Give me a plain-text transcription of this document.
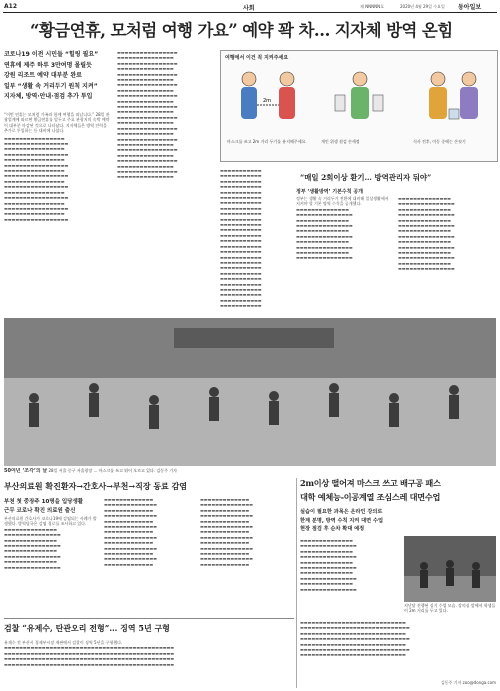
A12	사회	제 NNNNN호	2020년 4월 29일 수요일 동아일보
“황금연휴, 모처럼 여행 가요” 예약 꽉 차… 지자체 방역 온힘
코로나19 이전 시민들 “힐링 필요”
연휴에 제주 하루 3만여명 몰릴듯
강원 리조트 예약 대부분 완료
일부 “생활 속 거리두기 원칙 지켜”
지자체, 방역·안내·점검 추가 투입
“이번 연휴는 모처럼 가족과 함께 여행을 떠납니다.” 28일 관광업계에 따르면 황금연휴를 앞두고 주요 관광지의 숙박 예약이 대부분 마감된 것으로 나타났다. 지자체들은 방역 인력을 추가로 투입하는 등 대비에 나섰다.
▬▬▬▬▬▬▬▬▬▬▬▬▬▬▬▬ ▬▬▬▬▬▬▬▬▬▬▬▬▬▬▬▬▬ ▬▬▬▬▬▬▬▬▬▬▬▬▬▬▬▬ ▬▬▬▬▬▬▬▬▬▬▬▬▬▬▬▬▬ ▬▬▬▬▬▬▬▬▬▬▬▬▬▬▬▬ ▬▬▬▬▬▬▬▬▬▬▬▬▬▬▬▬▬ ▬▬▬▬▬▬▬▬▬▬▬▬▬▬▬▬ ▬▬▬▬▬▬▬▬▬▬▬▬▬▬▬▬▬ ▬▬▬▬▬▬▬▬▬▬▬▬▬▬▬▬ ▬▬▬▬▬▬▬▬▬▬▬▬▬▬▬▬▬ ▬▬▬▬▬▬▬▬▬▬▬▬▬▬▬▬ ▬▬▬▬▬▬▬▬▬▬▬▬▬▬▬▬▬ ▬▬▬▬▬▬▬▬▬▬▬▬▬▬▬▬ ▬▬▬▬▬▬▬▬▬▬▬▬▬▬▬▬▬ ▬▬▬▬▬▬▬▬▬▬▬▬▬▬▬▬ ▬▬▬▬▬▬▬▬▬▬▬▬▬▬▬▬▬
▬▬▬▬▬▬▬▬▬▬▬▬▬▬▬▬ ▬▬▬▬▬▬▬▬▬▬▬▬▬▬▬ ▬▬▬▬▬▬▬▬▬▬▬▬▬▬▬▬ ▬▬▬▬▬▬▬▬▬▬▬▬▬▬▬ ▬▬▬▬▬▬▬▬▬▬▬▬▬▬▬▬ ▬▬▬▬▬▬▬▬▬▬▬▬▬▬▬ ▬▬▬▬▬▬▬▬▬▬▬▬▬▬▬▬ ▬▬▬▬▬▬▬▬▬▬▬▬▬▬▬ ▬▬▬▬▬▬▬▬▬▬▬▬▬▬▬▬ ▬▬▬▬▬▬▬▬▬▬▬▬▬▬▬ ▬▬▬▬▬▬▬▬▬▬▬▬▬▬▬▬ ▬▬▬▬▬▬▬▬▬▬▬▬▬▬▬ ▬▬▬▬▬▬▬▬▬▬▬▬▬▬▬▬ ▬▬▬▬▬▬▬▬▬▬▬▬▬▬▬ ▬▬▬▬▬▬▬▬▬▬▬▬▬▬▬▬ ▬▬▬▬▬▬▬▬▬▬▬▬▬▬▬ ▬▬▬▬▬▬▬▬▬▬▬▬▬▬▬▬ ▬▬▬▬▬▬▬▬▬▬▬▬▬▬▬ ▬▬▬▬▬▬▬▬▬▬▬▬▬▬▬▬ ▬▬▬▬▬▬▬▬▬▬▬▬▬▬▬ ▬▬▬▬▬▬▬▬▬▬▬▬▬▬▬▬ ▬▬▬▬▬▬▬▬▬▬▬▬▬▬▬ ▬▬▬▬▬▬▬▬▬▬▬▬▬▬▬▬ ▬▬▬▬▬▬▬▬▬▬▬▬▬▬▬
여행에서 이건 꼭 지켜주세요
2m
마스크를 쓰고 2m 거리 두기를 유지해주세요	개인 위생 점검 손세정	식사 전후, 이동 중에는 손씻기
“매일 2회이상 환기… 방역관리자 둬야”
정부 ‘생활방역’ 기본수칙 공개
정부는 생활 속 거리두기 전환에 대비해 일상생활에서 지켜야 할 기본 방역 수칙을 공개했다.
▬▬▬▬▬▬▬▬▬▬▬▬▬▬ ▬▬▬▬▬▬▬▬▬▬▬▬▬▬▬ ▬▬▬▬▬▬▬▬▬▬▬▬▬▬ ▬▬▬▬▬▬▬▬▬▬▬▬▬▬▬ ▬▬▬▬▬▬▬▬▬▬▬▬▬▬ ▬▬▬▬▬▬▬▬▬▬▬▬▬▬▬ ▬▬▬▬▬▬▬▬▬▬▬▬▬▬ ▬▬▬▬▬▬▬▬▬▬▬▬▬▬▬ ▬▬▬▬▬▬▬▬▬▬▬▬▬▬ ▬▬▬▬▬▬▬▬▬▬▬▬▬▬▬
▬▬▬▬▬▬▬▬▬▬▬▬▬▬ ▬▬▬▬▬▬▬▬▬▬▬▬▬▬▬ ▬▬▬▬▬▬▬▬▬▬▬▬▬▬ ▬▬▬▬▬▬▬▬▬▬▬▬▬▬▬ ▬▬▬▬▬▬▬▬▬▬▬▬▬▬ ▬▬▬▬▬▬▬▬▬▬▬▬▬▬▬ ▬▬▬▬▬▬▬▬▬▬▬▬▬▬ ▬▬▬▬▬▬▬▬▬▬▬▬▬▬▬ ▬▬▬▬▬▬▬▬▬▬▬▬▬▬ ▬▬▬▬▬▬▬▬▬▬▬▬▬▬▬ ▬▬▬▬▬▬▬▬▬▬▬▬▬▬ ▬▬▬▬▬▬▬▬▬▬▬▬▬▬▬ ▬▬▬▬▬▬▬▬▬▬▬▬▬▬ ▬▬▬▬▬▬▬▬▬▬▬▬▬▬▬
▬▬▬▬▬▬▬▬▬▬▬ ▬▬▬▬▬▬▬▬▬▬▬ ▬▬▬▬▬▬▬▬▬▬▬ ▬▬▬▬▬▬▬▬▬▬▬ ▬▬▬▬▬▬▬▬▬▬▬ ▬▬▬▬▬▬▬▬▬▬▬ ▬▬▬▬▬▬▬▬▬▬▬ ▬▬▬▬▬▬▬▬▬▬▬ ▬▬▬▬▬▬▬▬▬▬▬ ▬▬▬▬▬▬▬▬▬▬▬ ▬▬▬▬▬▬▬▬▬▬▬ ▬▬▬▬▬▬▬▬▬▬▬ ▬▬▬▬▬▬▬▬▬▬▬ ▬▬▬▬▬▬▬▬▬▬▬ ▬▬▬▬▬▬▬▬▬▬▬ ▬▬▬▬▬▬▬▬▬▬▬ ▬▬▬▬▬▬▬▬▬▬▬ ▬▬▬▬▬▬▬▬▬▬▬ ▬▬▬▬▬▬▬▬▬▬▬ ▬▬▬▬▬▬▬▬▬▬▬ ▬▬▬▬▬▬▬▬▬▬▬ ▬▬▬▬▬▬▬▬▬▬▬ ▬▬▬▬▬▬▬▬▬▬▬ ▬▬▬▬▬▬▬▬▬▬▬ ▬▬▬▬▬▬▬▬▬▬▬ ▬▬▬▬▬▬▬▬▬▬▬
50여년 ‘조각’의 날 28일 서울 중구 서울광장 ... 마스크를 쓰고 뛰어 오르고 있다. 김동주 기자
부산의료원 확진환자→간호사→부천→직장 동료 감염
부천 첫 중장주 10명을 입당생활
근무 코로나 확진 의료원 출신
부산의료원 간호사가 코로나19에 감염되는 사례가 발생했다. 방역당국은 감염 경로를 조사하고 있다.
▬▬▬▬▬▬▬▬▬▬▬▬▬▬ ▬▬▬▬▬▬▬▬▬▬▬▬▬▬▬ ▬▬▬▬▬▬▬▬▬▬▬▬▬▬ ▬▬▬▬▬▬▬▬▬▬▬▬▬▬▬ ▬▬▬▬▬▬▬▬▬▬▬▬▬▬ ▬▬▬▬▬▬▬▬▬▬▬▬▬▬▬ ▬▬▬▬▬▬▬▬▬▬▬▬▬▬ ▬▬▬▬▬▬▬▬▬▬▬▬▬▬▬
▬▬▬▬▬▬▬▬▬▬▬▬▬ ▬▬▬▬▬▬▬▬▬▬▬▬▬▬ ▬▬▬▬▬▬▬▬▬▬▬▬▬ ▬▬▬▬▬▬▬▬▬▬▬▬▬▬ ▬▬▬▬▬▬▬▬▬▬▬▬▬ ▬▬▬▬▬▬▬▬▬▬▬▬▬▬ ▬▬▬▬▬▬▬▬▬▬▬▬▬ ▬▬▬▬▬▬▬▬▬▬▬▬▬▬ ▬▬▬▬▬▬▬▬▬▬▬▬▬ ▬▬▬▬▬▬▬▬▬▬▬▬▬▬ ▬▬▬▬▬▬▬▬▬▬▬▬▬ ▬▬▬▬▬▬▬▬▬▬▬▬▬▬ ▬▬▬▬▬▬▬▬▬▬▬▬▬
▬▬▬▬▬▬▬▬▬▬▬▬▬ ▬▬▬▬▬▬▬▬▬▬▬▬▬▬ ▬▬▬▬▬▬▬▬▬▬▬▬▬ ▬▬▬▬▬▬▬▬▬▬▬▬▬▬ ▬▬▬▬▬▬▬▬▬▬▬▬▬ ▬▬▬▬▬▬▬▬▬▬▬▬▬▬ ▬▬▬▬▬▬▬▬▬▬▬▬▬ ▬▬▬▬▬▬▬▬▬▬▬▬▬▬ ▬▬▬▬▬▬▬▬▬▬▬▬▬ ▬▬▬▬▬▬▬▬▬▬▬▬▬▬ ▬▬▬▬▬▬▬▬▬▬▬▬▬ ▬▬▬▬▬▬▬▬▬▬▬▬▬▬ ▬▬▬▬▬▬▬▬▬▬▬▬▬
검찰 “유제수, 탄관오리 전형”… 징역 5년 구형
유재수 전 부산시 경제부시장 재판에서 검찰이 징역 5년을 구형했다.
▬▬▬▬▬▬▬▬▬▬▬▬▬▬▬▬▬▬▬▬▬▬▬▬▬▬▬▬▬▬▬▬▬▬▬▬▬▬▬▬▬▬▬▬▬ ▬▬▬▬▬▬▬▬▬▬▬▬▬▬▬▬▬▬▬▬▬▬▬▬▬▬▬▬▬▬▬▬▬▬▬▬▬▬▬▬▬▬▬▬▬ ▬▬▬▬▬▬▬▬▬▬▬▬▬▬▬▬▬▬▬▬▬▬▬▬▬▬▬▬▬▬▬▬▬▬▬▬▬▬▬▬▬▬▬▬▬ ▬▬▬▬▬▬▬▬▬▬▬▬▬▬▬▬▬▬▬▬▬▬▬▬▬▬▬▬▬▬▬▬▬▬▬▬▬▬▬▬▬▬▬▬▬
2m이상 떨어져 마스크 쓰고 배구공 패스
대학 예체능-이공계열 조심스레 대면수업
실습이 필요한 과목은 온라인 강의로
한계 분명, 방역 수칙 지켜 대면 수업
현장 점검 후 순차 확대 예정
▬▬▬▬▬▬▬▬▬▬▬▬▬▬ ▬▬▬▬▬▬▬▬▬▬▬▬▬▬▬ ▬▬▬▬▬▬▬▬▬▬▬▬▬▬ ▬▬▬▬▬▬▬▬▬▬▬▬▬▬▬ ▬▬▬▬▬▬▬▬▬▬▬▬▬▬ ▬▬▬▬▬▬▬▬▬▬▬▬▬▬▬ ▬▬▬▬▬▬▬▬▬▬▬▬▬▬ ▬▬▬▬▬▬▬▬▬▬▬▬▬▬▬ ▬▬▬▬▬▬▬▬▬▬▬▬▬▬ ▬▬▬▬▬▬▬▬▬▬▬▬▬▬▬
지난달 진행된 실기 수업 모습. 강의실 앞에서 학생들이 2m 거리를 두고 있다.
▬▬▬▬▬▬▬▬▬▬▬▬▬▬▬▬▬▬▬▬▬▬▬▬▬▬▬▬ ▬▬▬▬▬▬▬▬▬▬▬▬▬▬▬▬▬▬▬▬▬▬▬▬▬▬▬▬▬ ▬▬▬▬▬▬▬▬▬▬▬▬▬▬▬▬▬▬▬▬▬▬▬▬▬▬▬▬ ▬▬▬▬▬▬▬▬▬▬▬▬▬▬▬▬▬▬▬▬▬▬▬▬▬▬▬▬▬ ▬▬▬▬▬▬▬▬▬▬▬▬▬▬▬▬▬▬▬▬▬▬▬▬▬▬▬▬ ▬▬▬▬▬▬▬▬▬▬▬▬▬▬▬▬▬▬▬▬▬▬▬▬▬▬▬▬▬ ▬▬▬▬▬▬▬▬▬▬▬▬▬▬▬▬▬▬▬▬▬▬▬▬▬▬▬▬
김동주 기자 zoo@donga.com
